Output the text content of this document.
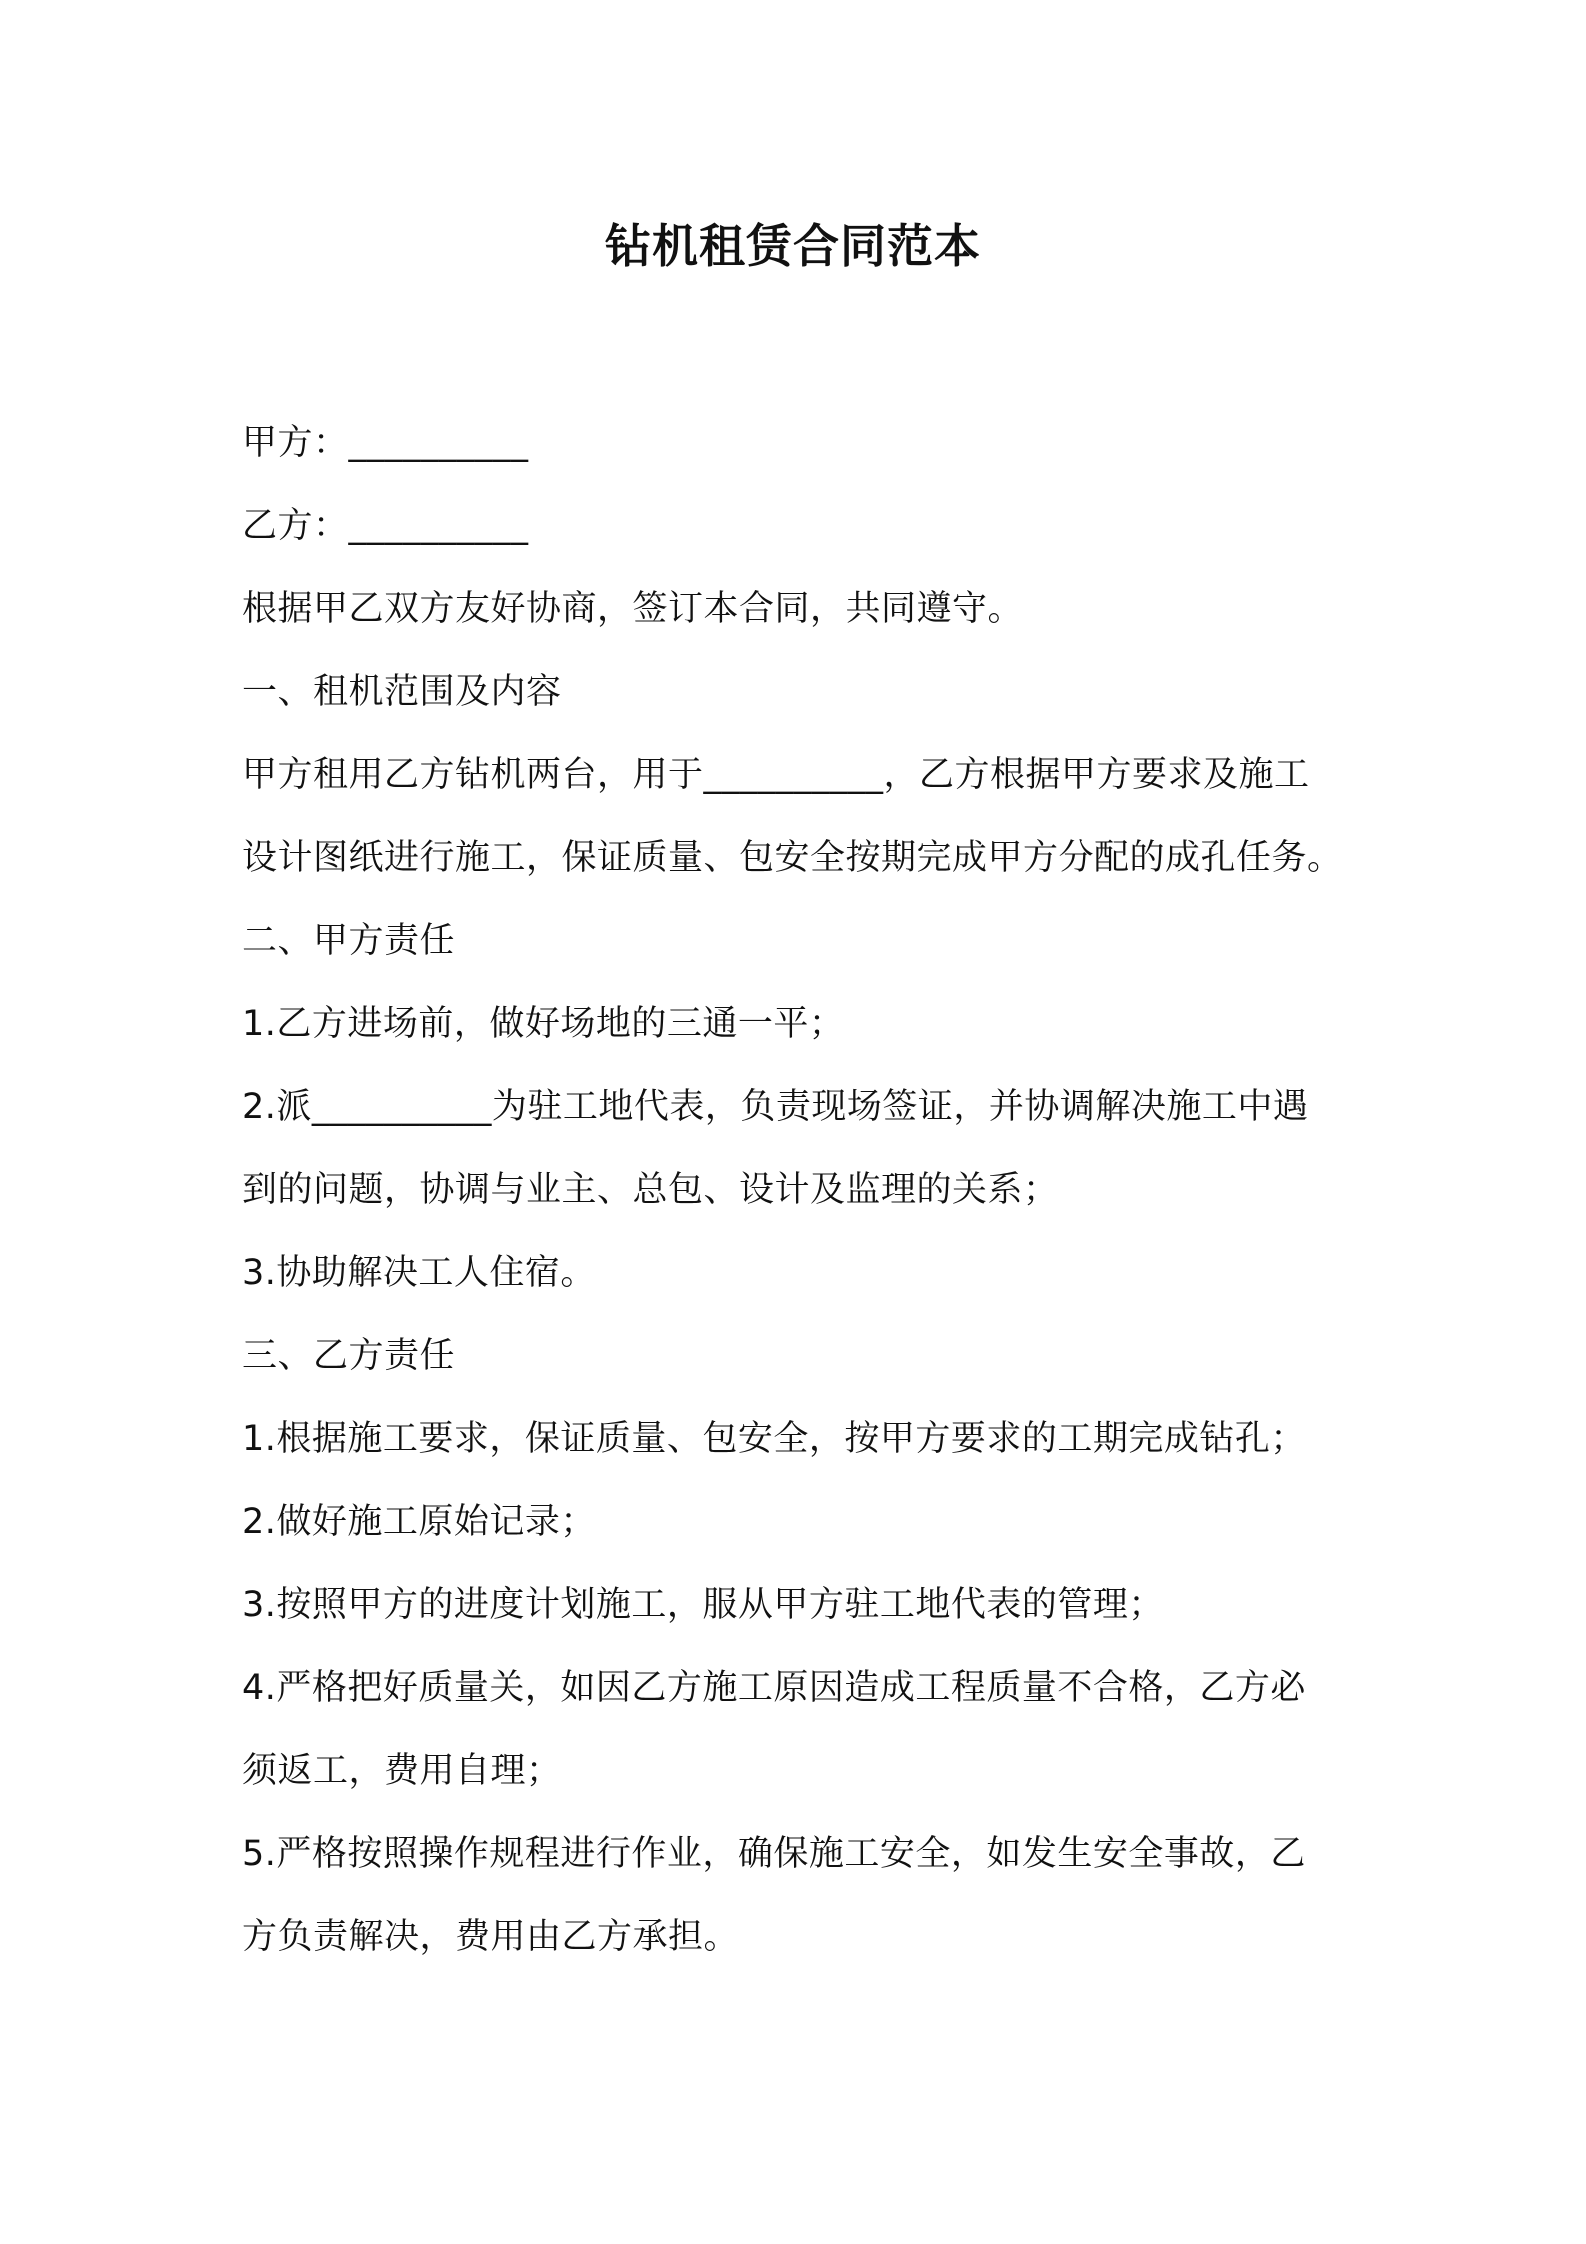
钻机租赁合同范本
甲方：__________
乙方：__________
根据甲乙双方友好协商，签订本合同，共同遵守。
一、租机范围及内容
甲方租用乙方钻机两台，用于__________，乙方根据甲方要求及施工
设计图纸进行施工，保证质量、包安全按期完成甲方分配的成孔任务。
二、甲方责任
1.乙方进场前，做好场地的三通一平；
2.派__________为驻工地代表，负责现场签证，并协调解决施工中遇
到的问题，协调与业主、总包、设计及监理的关系；
3.协助解决工人住宿。
三、乙方责任
1.根据施工要求，保证质量、包安全，按甲方要求的工期完成钻孔；
2.做好施工原始记录；
3.按照甲方的进度计划施工，服从甲方驻工地代表的管理；
4.严格把好质量关，如因乙方施工原因造成工程质量不合格，乙方必
须返工，费用自理；
5.严格按照操作规程进行作业，确保施工安全，如发生安全事故，乙
方负责解决，费用由乙方承担。
